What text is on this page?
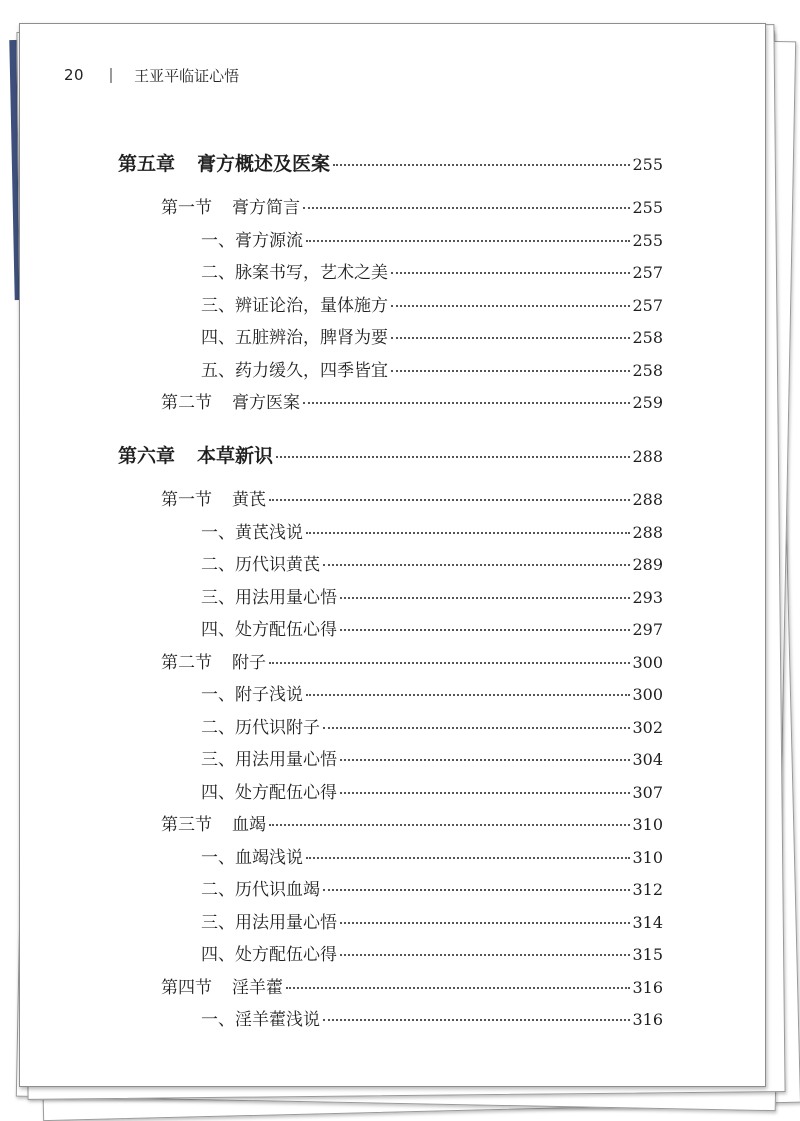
20	王亚平临证心悟
第五章 膏方概述及医案	255
第一节 膏方简言	255
一、膏方源流	255
二、脉案书写，艺术之美	257
三、辨证论治，量体施方	257
四、五脏辨治，脾肾为要	258
五、药力缓久，四季皆宜	258
第二节 膏方医案	259
第六章 本草新识	288
第一节 黄芪	288
一、黄芪浅说	288
二、历代识黄芪	289
三、用法用量心悟	293
四、处方配伍心得	297
第二节 附子	300
一、附子浅说	300
二、历代识附子	302
三、用法用量心悟	304
四、处方配伍心得	307
第三节 血竭	310
一、血竭浅说	310
二、历代识血竭	312
三、用法用量心悟	314
四、处方配伍心得	315
第四节 淫羊藿	316
一、淫羊藿浅说	316
